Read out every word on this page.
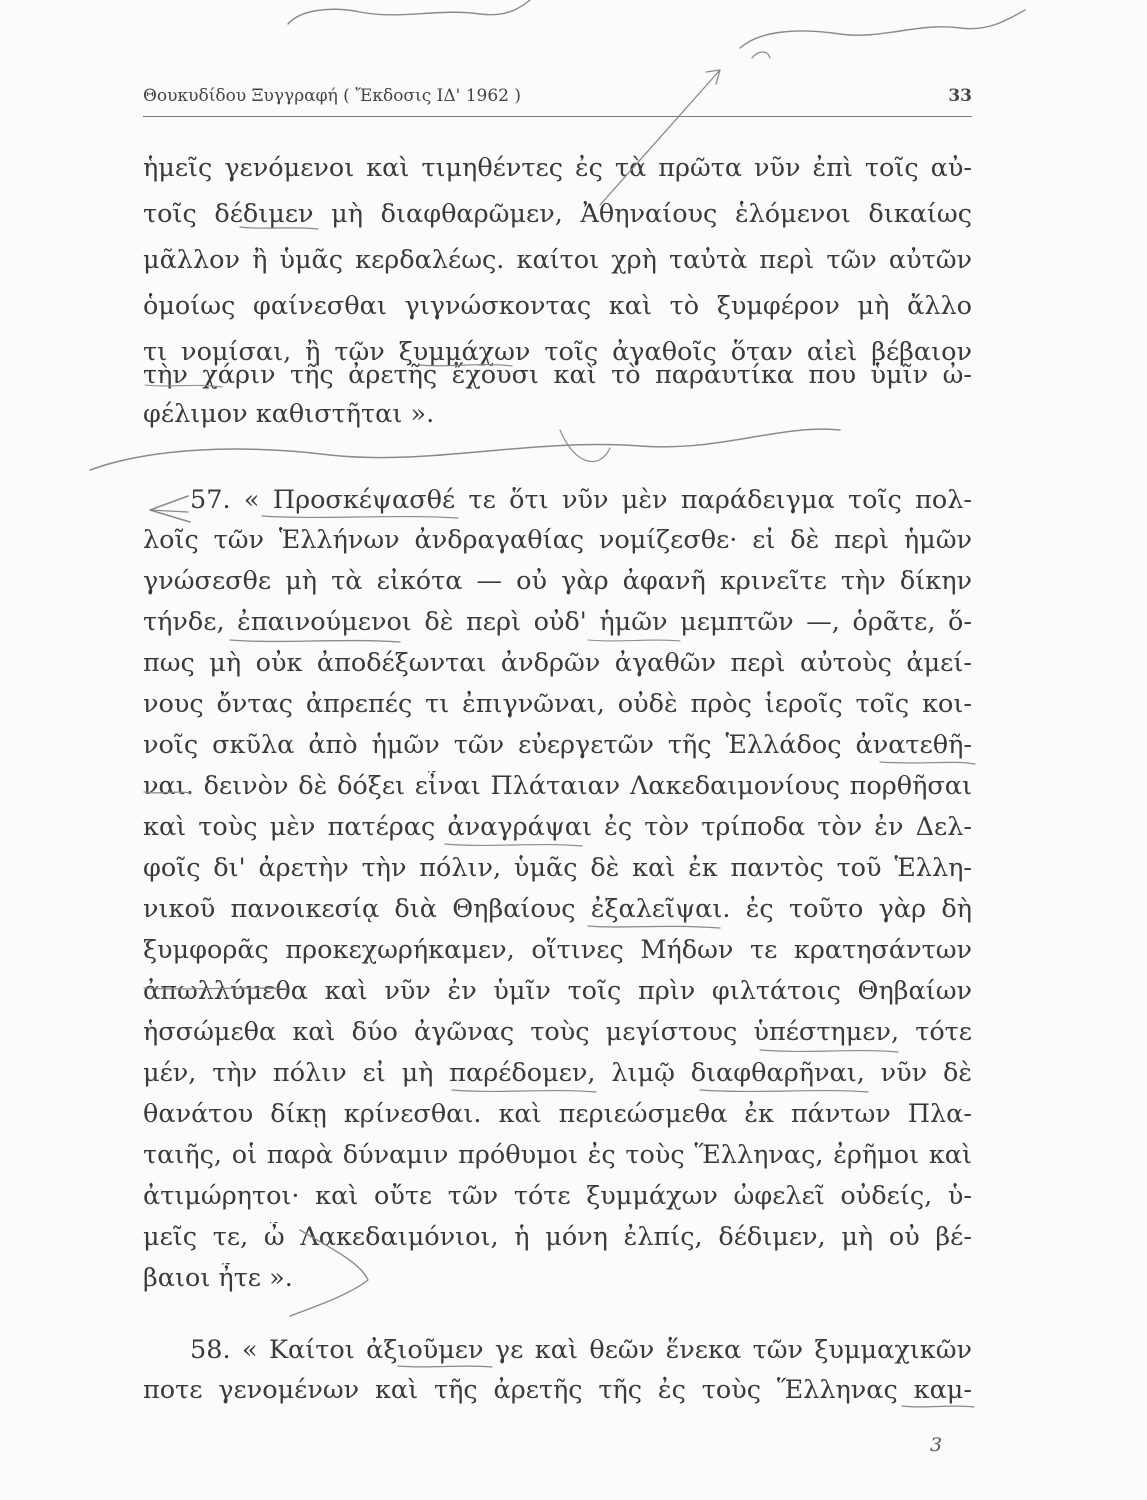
Θουκυδίδου Ξυγγραφή ( Ἔκδοσις ΙΔ' 1962 )	33
ἡμεῖς γενόμενοι καὶ τιμηθέντες ἐς τὰ πρῶτα νῦν ἐπὶ τοῖς αὐ-
τοῖς δέδιμεν μὴ διαφθαρῶμεν, Ἀθηναίους ἑλόμενοι δικαίως
μᾶλλον ἢ ὑμᾶς κερδαλέως. καίτοι χρὴ ταὐτὰ περὶ τῶν αὐτῶν
ὁμοίως φαίνεσθαι γιγνώσκοντας καὶ τὸ ξυμφέρον μὴ ἄλλο
τι νομίσαι, ἢ τῶν ξυμμάχων τοῖς ἀγαθοῖς ὅταν αἰεὶ βέβαιον
τὴν χάριν τῆς ἀρετῆς ἔχουσι καὶ τὸ παραυτίκα που ὑμῖν ὠ-
φέλιμον καθιστῆται ».
57. « Προσκέψασθέ τε ὅτι νῦν μὲν παράδειγμα τοῖς πολ-
λοῖς τῶν Ἑλλήνων ἀνδραγαθίας νομίζεσθε· εἰ δὲ περὶ ἡμῶν
γνώσεσθε μὴ τὰ εἰκότα — οὐ γὰρ ἀφανῆ κρινεῖτε τὴν δίκην
τήνδε, ἐπαινούμενοι δὲ περὶ οὐδ' ἡμῶν μεμπτῶν —, ὁρᾶτε, ὅ-
πως μὴ οὐκ ἀποδέξωνται ἀνδρῶν ἀγαθῶν περὶ αὐτοὺς ἀμεί-
νους ὄντας ἀπρεπές τι ἐπιγνῶναι, οὐδὲ πρὸς ἱεροῖς τοῖς κοι-
νοῖς σκῦλα ἀπὸ ἡμῶν τῶν εὐεργετῶν τῆς Ἑλλάδος ἀνατεθῆ-
ναι. δεινὸν δὲ δόξει εἶναι Πλάταιαν Λακεδαιμονίους πορθῆσαι
καὶ τοὺς μὲν πατέρας ἀναγράψαι ἐς τὸν τρίποδα τὸν ἐν Δελ-
φοῖς δι' ἀρετὴν τὴν πόλιν, ὑμᾶς δὲ καὶ ἐκ παντὸς τοῦ Ἑλλη-
νικοῦ πανοικεσίᾳ διὰ Θηβαίους ἐξαλεῖψαι. ἐς τοῦτο γὰρ δὴ
ξυμφορᾶς προκεχωρήκαμεν, οἵτινες Μήδων τε κρατησάντων
ἀπωλλύμεθα καὶ νῦν ἐν ὑμῖν τοῖς πρὶν φιλτάτοις Θηβαίων
ἡσσώμεθα καὶ δύο ἀγῶνας τοὺς μεγίστους ὑπέστημεν, τότε
μέν, τὴν πόλιν εἰ μὴ παρέδομεν, λιμῷ διαφθαρῆναι, νῦν δὲ
θανάτου δίκῃ κρίνεσθαι. καὶ περιεώσμεθα ἐκ πάντων Πλα-
ταιῆς, οἱ παρὰ δύναμιν πρόθυμοι ἐς τοὺς Ἕλληνας, ἐρῆμοι καὶ
ἀτιμώρητοι· καὶ οὔτε τῶν τότε ξυμμάχων ὠφελεῖ οὐδείς, ὑ-
μεῖς τε, ὦ Λακεδαιμόνιοι, ἡ μόνη ἐλπίς, δέδιμεν, μὴ οὐ βέ-
βαιοι ἦτε ».
58. « Καίτοι ἀξιοῦμεν γε καὶ θεῶν ἕνεκα τῶν ξυμμαχικῶν
ποτε γενομένων καὶ τῆς ἀρετῆς τῆς ἐς τοὺς Ἕλληνας καμ-
3
